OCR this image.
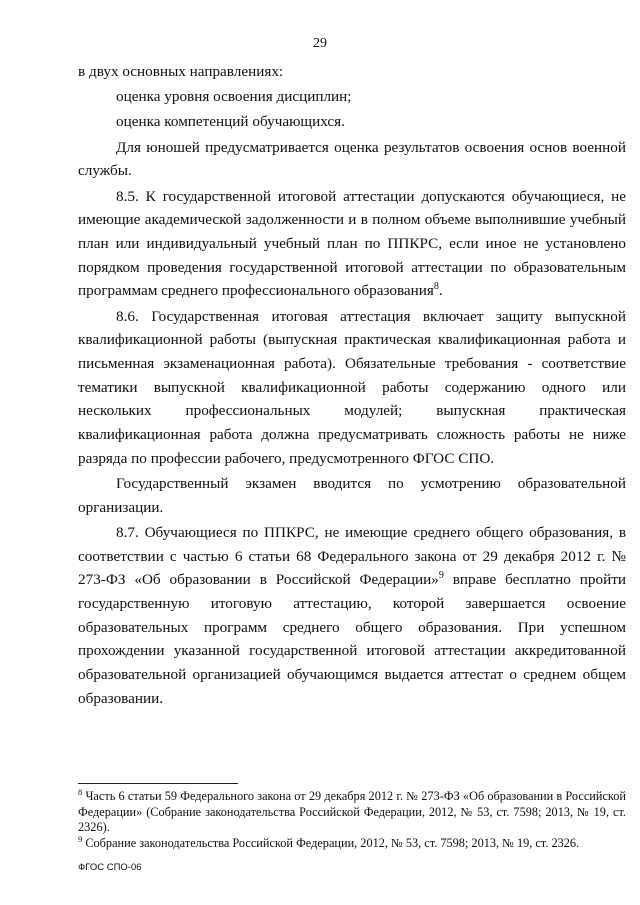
29

в двух основных направлениях:

оценка уровня освоения дисциплин;

оценка компетенций обучающихся.

Для юношей предусматривается оценка результатов освоения основ военной службы.

8.5. К государственной итоговой аттестации допускаются обучающиеся, не имеющие академической задолженности и в полном объеме выполнившие учебный план или индивидуальный учебный план по ППКРС, если иное не установлено порядком проведения государственной итоговой аттестации по образовательным программам среднего профессионального образования$^8$.

8.6. Государственная итоговая аттестация включает защиту выпускной квалификационной работы (выпускная практическая квалификационная работа и письменная экзаменационная работа). Обязательные требования - соответствие тематики выпускной квалификационной работы содержанию одного или нескольких профессиональных модулей; выпускная практическая квалификационная работа должна предусматривать сложность работы не ниже разряда по профессии рабочего, предусмотренного ФГОС СПО.

Государственный экзамен вводится по усмотрению образовательной организации.

8.7. Обучающиеся по ППКРС, не имеющие среднего общего образования, в соответствии с частью 6 статьи 68 Федерального закона от 29 декабря 2012 г. № 273-ФЗ «Об образовании в Российской Федерации»$^9$ вправе бесплатно пройти государственную итоговую аттестацию, которой завершается освоение образовательных программ среднего общего образования. При успешном прохождении указанной государственной итоговой аттестации аккредитованной образовательной организацией обучающимся выдается аттестат о среднем общем образовании.

$^8$ Часть 6 статьи 59 Федерального закона от 29 декабря 2012 г. № 273-ФЗ «Об образовании в Российской Федерации» (Собрание законодательства Российской Федерации, 2012, № 53, ст. 7598; 2013, № 19, ст. 2326).

$^9$ Собрание законодательства Российской Федерации, 2012, № 53, ст. 7598; 2013, № 19, ст. 2326.

ФГОС СПО-06
